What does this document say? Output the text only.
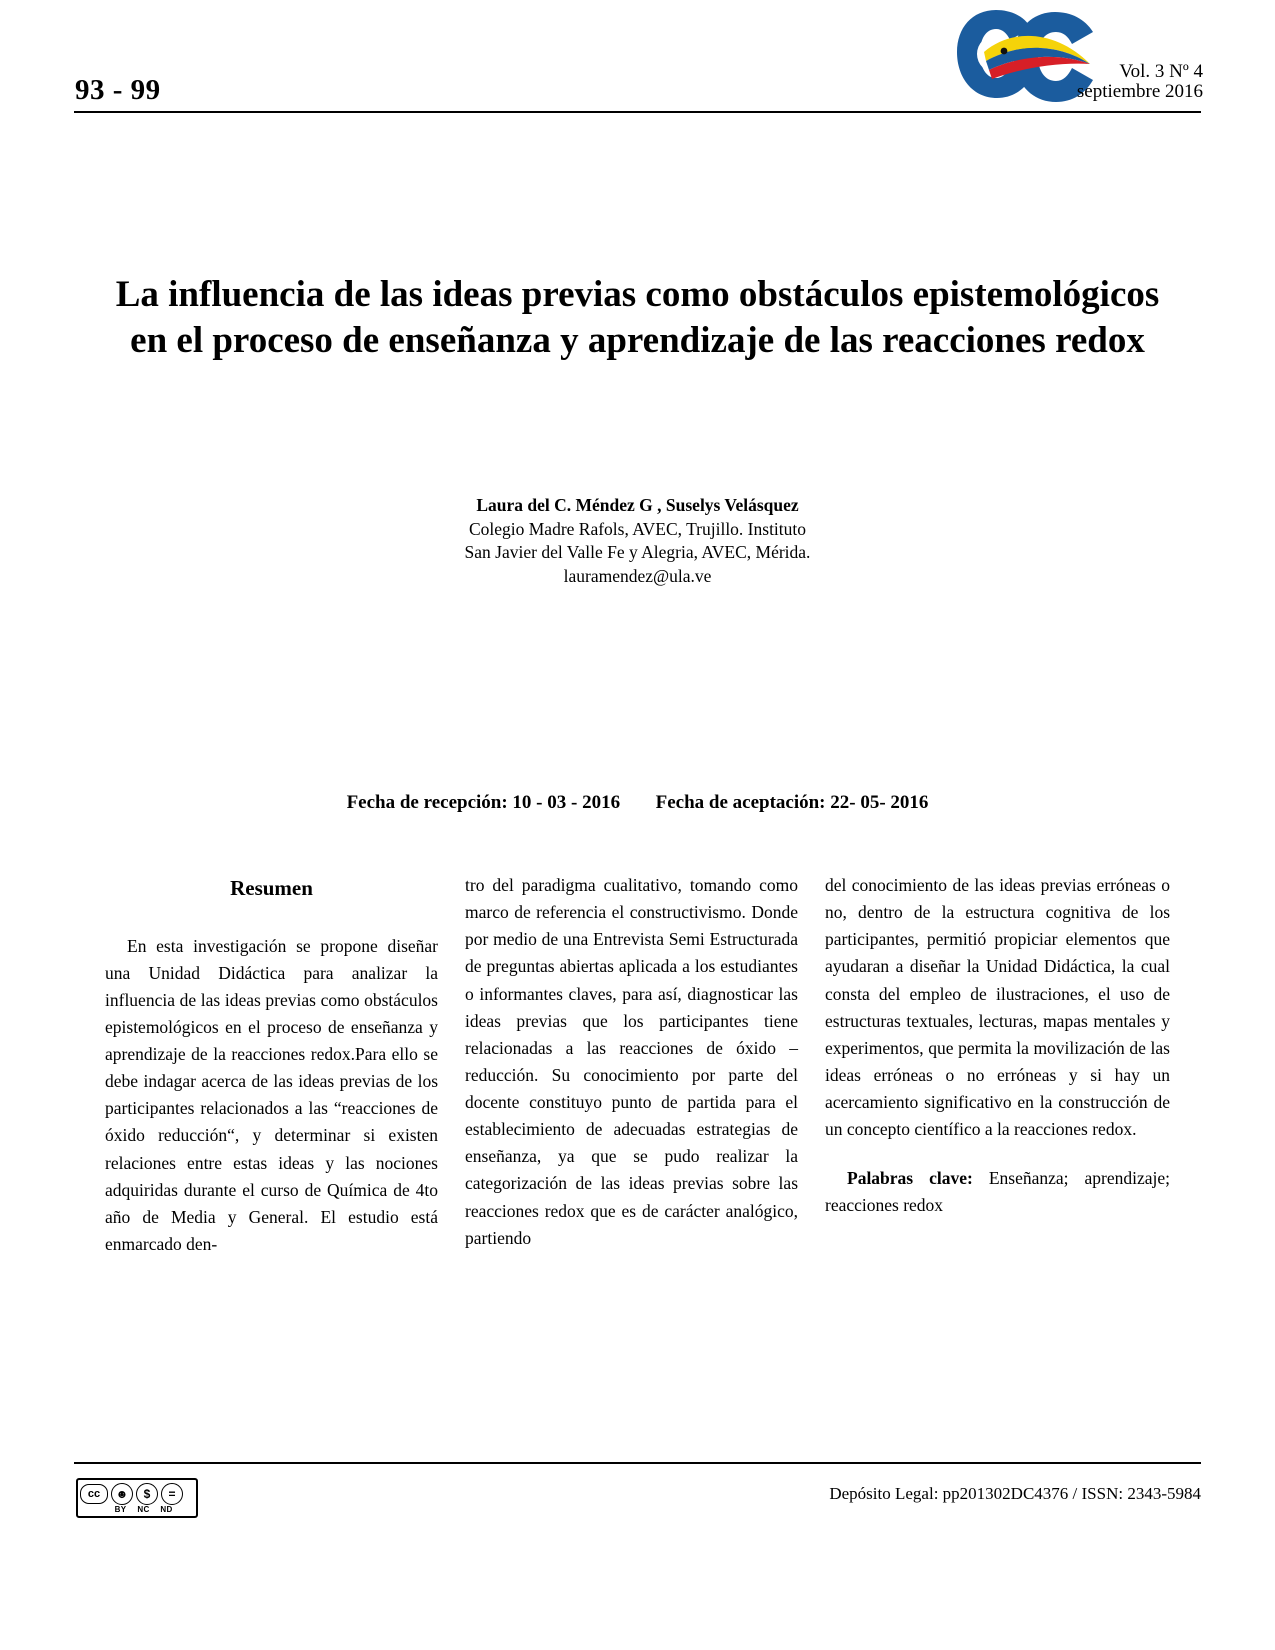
93 - 99
Vol. 3 Nº 4
septiembre 2016
La influencia de las ideas previas como obstáculos epistemológicos en el proceso de enseñanza y aprendizaje de las reacciones redox
Laura del C. Méndez G , Suselys Velásquez
Colegio Madre Rafols, AVEC, Trujillo. Instituto
San Javier del Valle Fe y Alegria, AVEC, Mérida.
lauramendez@ula.ve
Fecha de recepción: 10 - 03 - 2016 Fecha de aceptación: 22- 05- 2016
Resumen

En esta investigación se propone diseñar una Unidad Didáctica para analizar la influencia de las ideas previas como obstáculos epistemológicos en el proceso de enseñanza y aprendizaje de la reacciones redox.Para ello se debe indagar acerca de las ideas previas de los participantes relacionados a las “reacciones de óxido reducción“, y determinar si existen relaciones entre estas ideas y las nociones adquiridas durante el curso de Química de 4to año de Media y General. El estudio está enmarcado den-

tro del paradigma cualitativo, tomando como marco de referencia el constructivismo. Donde por medio de una Entrevista Semi Estructurada de preguntas abiertas aplicada a los estudiantes o informantes claves, para así, diagnosticar las ideas previas que los participantes tiene relacionadas a las reacciones de óxido – reducción. Su conocimiento por parte del docente constituyo punto de partida para el establecimiento de adecuadas estrategias de enseñanza, ya que se pudo realizar la categorización de las ideas previas sobre las reacciones redox que es de carácter analógico, partiendo

del conocimiento de las ideas previas erróneas o no, dentro de la estructura cognitiva de los participantes, permitió propiciar elementos que ayudaran a diseñar la Unidad Didáctica, la cual consta del empleo de ilustraciones, el uso de estructuras textuales, lecturas, mapas mentales y experimentos, que permita la movilización de las ideas erróneas o no erróneas y si hay un acercamiento significativo en la construcción de un concepto científico a la reacciones redox.

Palabras clave: Enseñanza; aprendizaje; reacciones redox

cc	☻	$	=
BY	NC	ND
Depósito Legal: pp201302DC4376 / ISSN: 2343-5984
